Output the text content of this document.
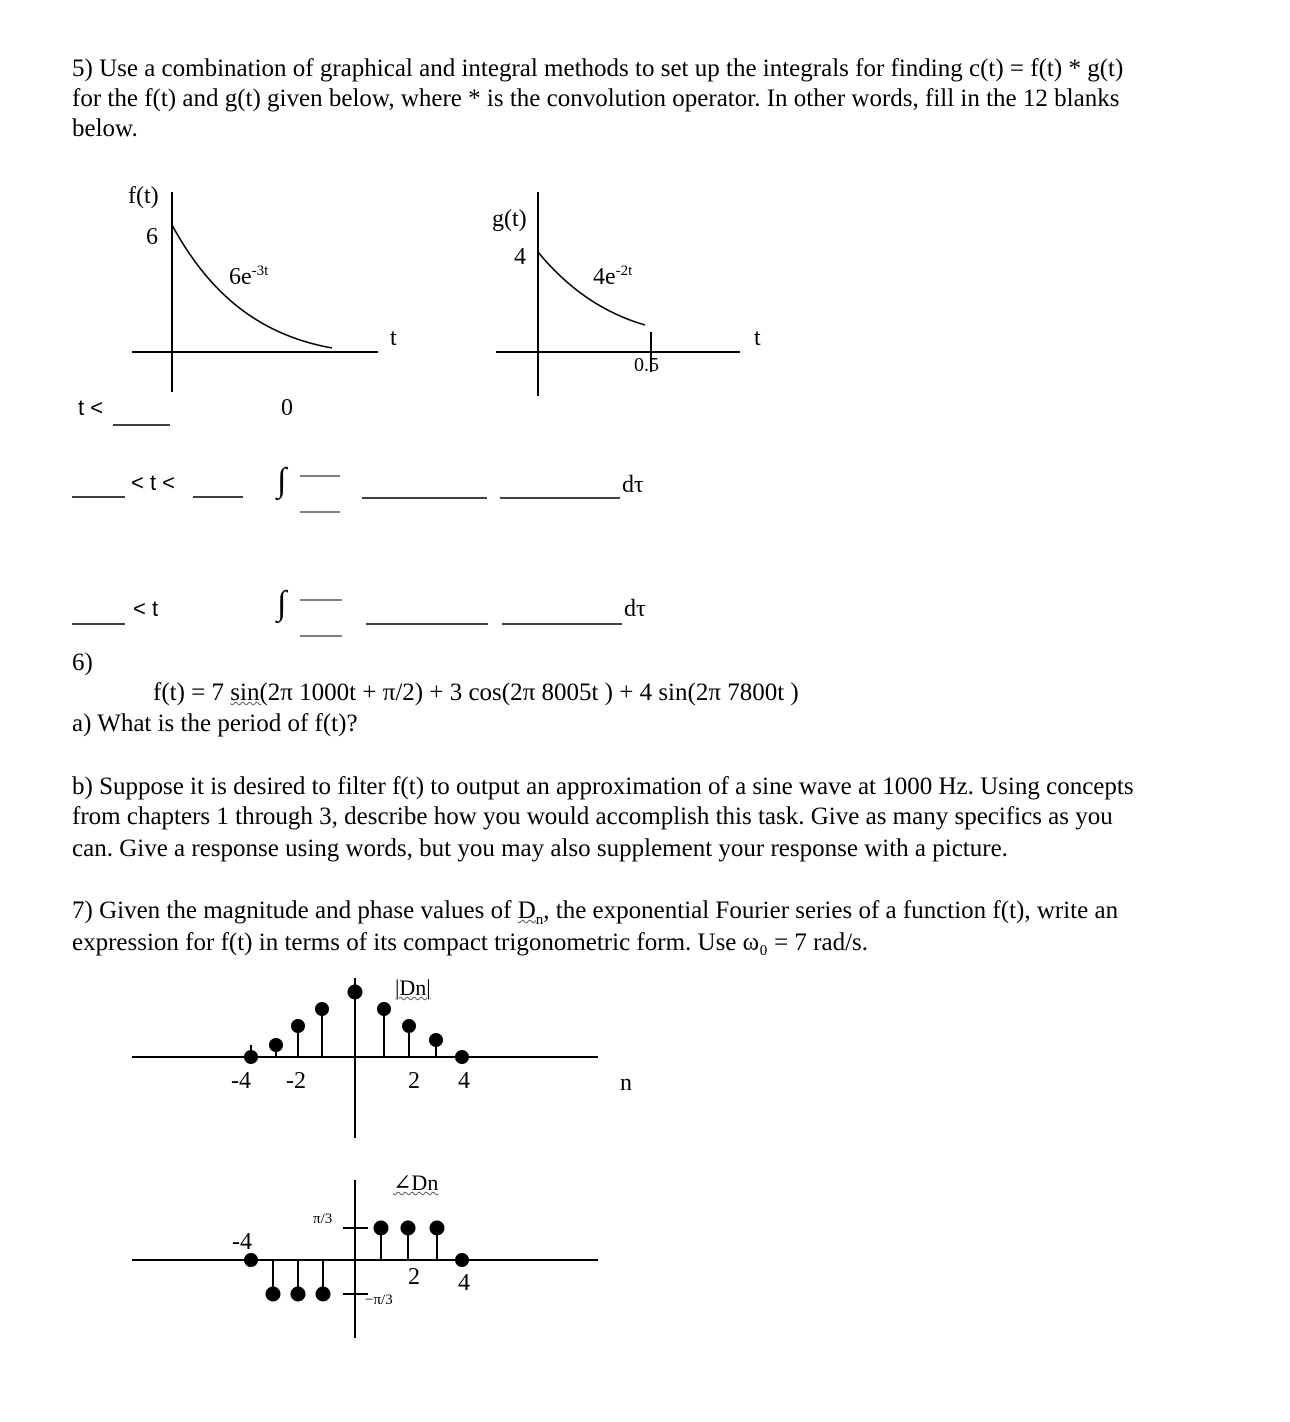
5) Use a combination of graphical and integral methods to set up the integrals for finding c(t) = f(t) * g(t)

for the f(t) and g(t) given below, where * is the convolution operator. In other words, fill in the 12 blanks

below.

f(t)
6
$6e^{-3t}$
t
g(t)
4
$4e^{-2t}$
t
0.5
t <	0
< t <	∫	dτ
< t	∫	dτ

6)

f(t) = 7 sin(2π 1000t + π/2) + 3 cos(2π 8005t ) + 4 sin(2π 7800t )

a) What is the period of f(t)?

b) Suppose it is desired to filter f(t) to output an approximation of a sine wave at 1000 Hz. Using concepts

from chapters 1 through 3, describe how you would accomplish this task. Give as many specifics as you

can. Give a response using words, but you may also supplement your response with a picture.

7) Given the magnitude and phase values of $D_n$, the exponential Fourier series of a function f(t), write an

expression for f(t) in terms of its compact trigonometric form. Use ω₀ = 7 rad/s.

|Dn|
-4 -2	2 4	n
∠Dn
π/3
−π/3
-4
2 4
